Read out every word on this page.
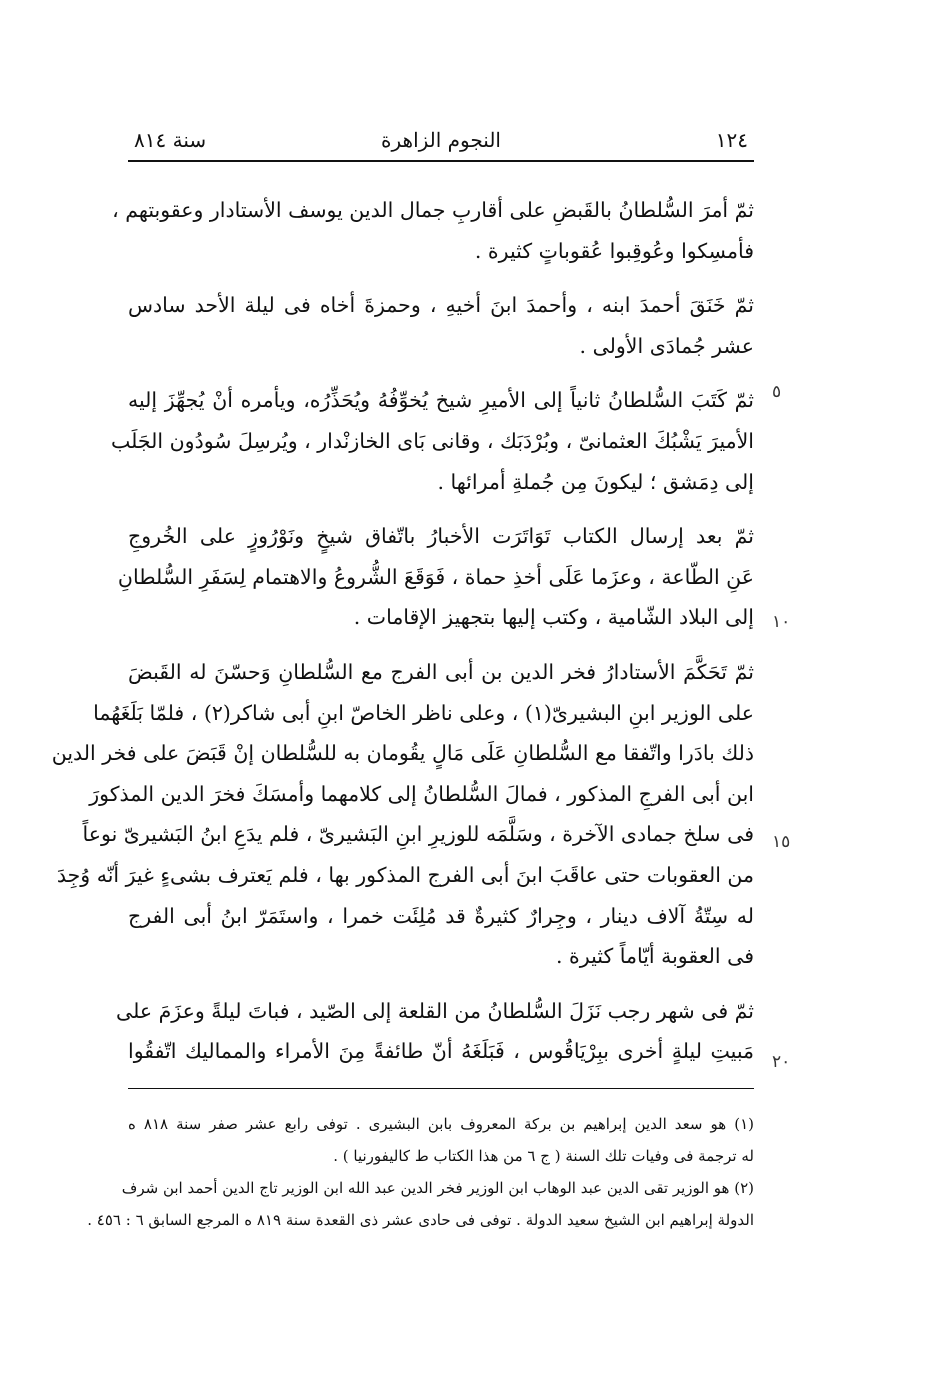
١٢٤
النجوم الزاهرة
سنة ٨١٤
٥
١٠
١٥
٢٠
ثمّ أمرَ السُّلطانُ بالقَبضِ على أقاربِ جمال الدين يوسف الأستادار وعقوبتهم ،
فأمسِكوا وعُوقِبوا عُقوباتٍ كثيرة .
ثمّ خَنَقَ أحمدَ ابنه ، وأحمدَ ابنَ أخيهِ ، وحمزةَ أخاه فى ليلة الأحد سادس
عشر جُمادَى الأولى .
ثمّ كَتَبَ السُّلطانُ ثانياً إلى الأميرِ شيخ يُخوِّفُهُ ويُحَذِّرُه، ويأمره أنْ يُجهِّزَ إليه
الأميرَ يَشْبُكَ العثمانىّ ، وبُرْدَبَك ، وقانى بَاى الخازنْدار ، ويُرسِلَ سُودُون الجَلَب
إلى دِمَشق ؛ ليكونَ مِن جُملةِ أمرائها .
ثمّ بعد إرسال الكتاب تَوَاتَرَت الأخبارُ باتّفاق شيخٍ ونَوْرُوزٍ على الخُروجِ
عَنِ الطّاعة ، وعزَما عَلَى أخذِ حماة ، فَوَقَعَ الشُّروعُ والاهتمام لِسَفَرِ السُّلطانِ
إلى البلاد الشّامية ، وكتب إليها بتجهيز الإقامات .
ثمّ تَحَكَّمَ الأستادارُ فخر الدين بن أبى الفرج مع السُّلطانِ وَحسّنَ له القَبضَ
على الوزير ابنِ البشيرىّ(١) ، وعلى ناظر الخاصّ ابنِ أبى شاكر(٢) ، فلمّا بَلَغَهُما
ذلك بادَرا واتّفقا مع السُّلطانِ عَلَى مَالٍ يقُومان به للسُّلطان إنْ قَبَضَ على فخر الدين
ابن أبى الفرجِ المذكور ، فمالَ السُّلطانُ إلى كلامهما وأمسَكَ فخرَ الدين المذكورَ
فى سلخ جمادى الآخرة ، وسَلَّمَه للوزيرِ ابنِ البَشيرىّ ، فلم يدَعِ ابنُ البَشيرىّ نوعاً
من العقوبات حتى عاقَبَ ابنَ أبى الفرج المذكور بها ، فلم يَعترف بشىءٍ غيرَ أنّه وُجِدَ
له سِتّةُ آلاف دينار ، وجِرارٌ كثيرةٌ قد مُلِئَت خمرا ، واستَمَرّ ابنُ أبى الفرج
فى العقوبة أيّاماً كثيرة .
ثمّ فى شهر رجب نَزَلَ السُّلطانُ من القلعة إلى الصّيد ، فباتَ ليلةً وعزَمَ على
مَبيتِ ليلةٍ أخرى ببِرْيَاقُوس ، فَبَلَغَهُ أنّ طائفةً مِنَ الأمراء والمماليك اتّفقُوا
(١) هو سعد الدين إبراهيم بن بركة المعروف بابن البشيرى . توفى رابع عشر صفر سنة ٨١٨ ه
له ترجمة فى وفيات تلك السنة ( ج ٦ من هذا الكتاب ط كاليفورنيا ) .
(٢) هو الوزير تقى الدين عبد الوهاب ابن الوزير فخر الدين عبد الله ابن الوزير تاج الدين أحمد ابن شرف
الدولة إبراهيم ابن الشيخ سعيد الدولة . توفى فى حادى عشر ذى القعدة سنة ٨١٩ ه المرجع السابق ٦ : ٤٥٦ .
